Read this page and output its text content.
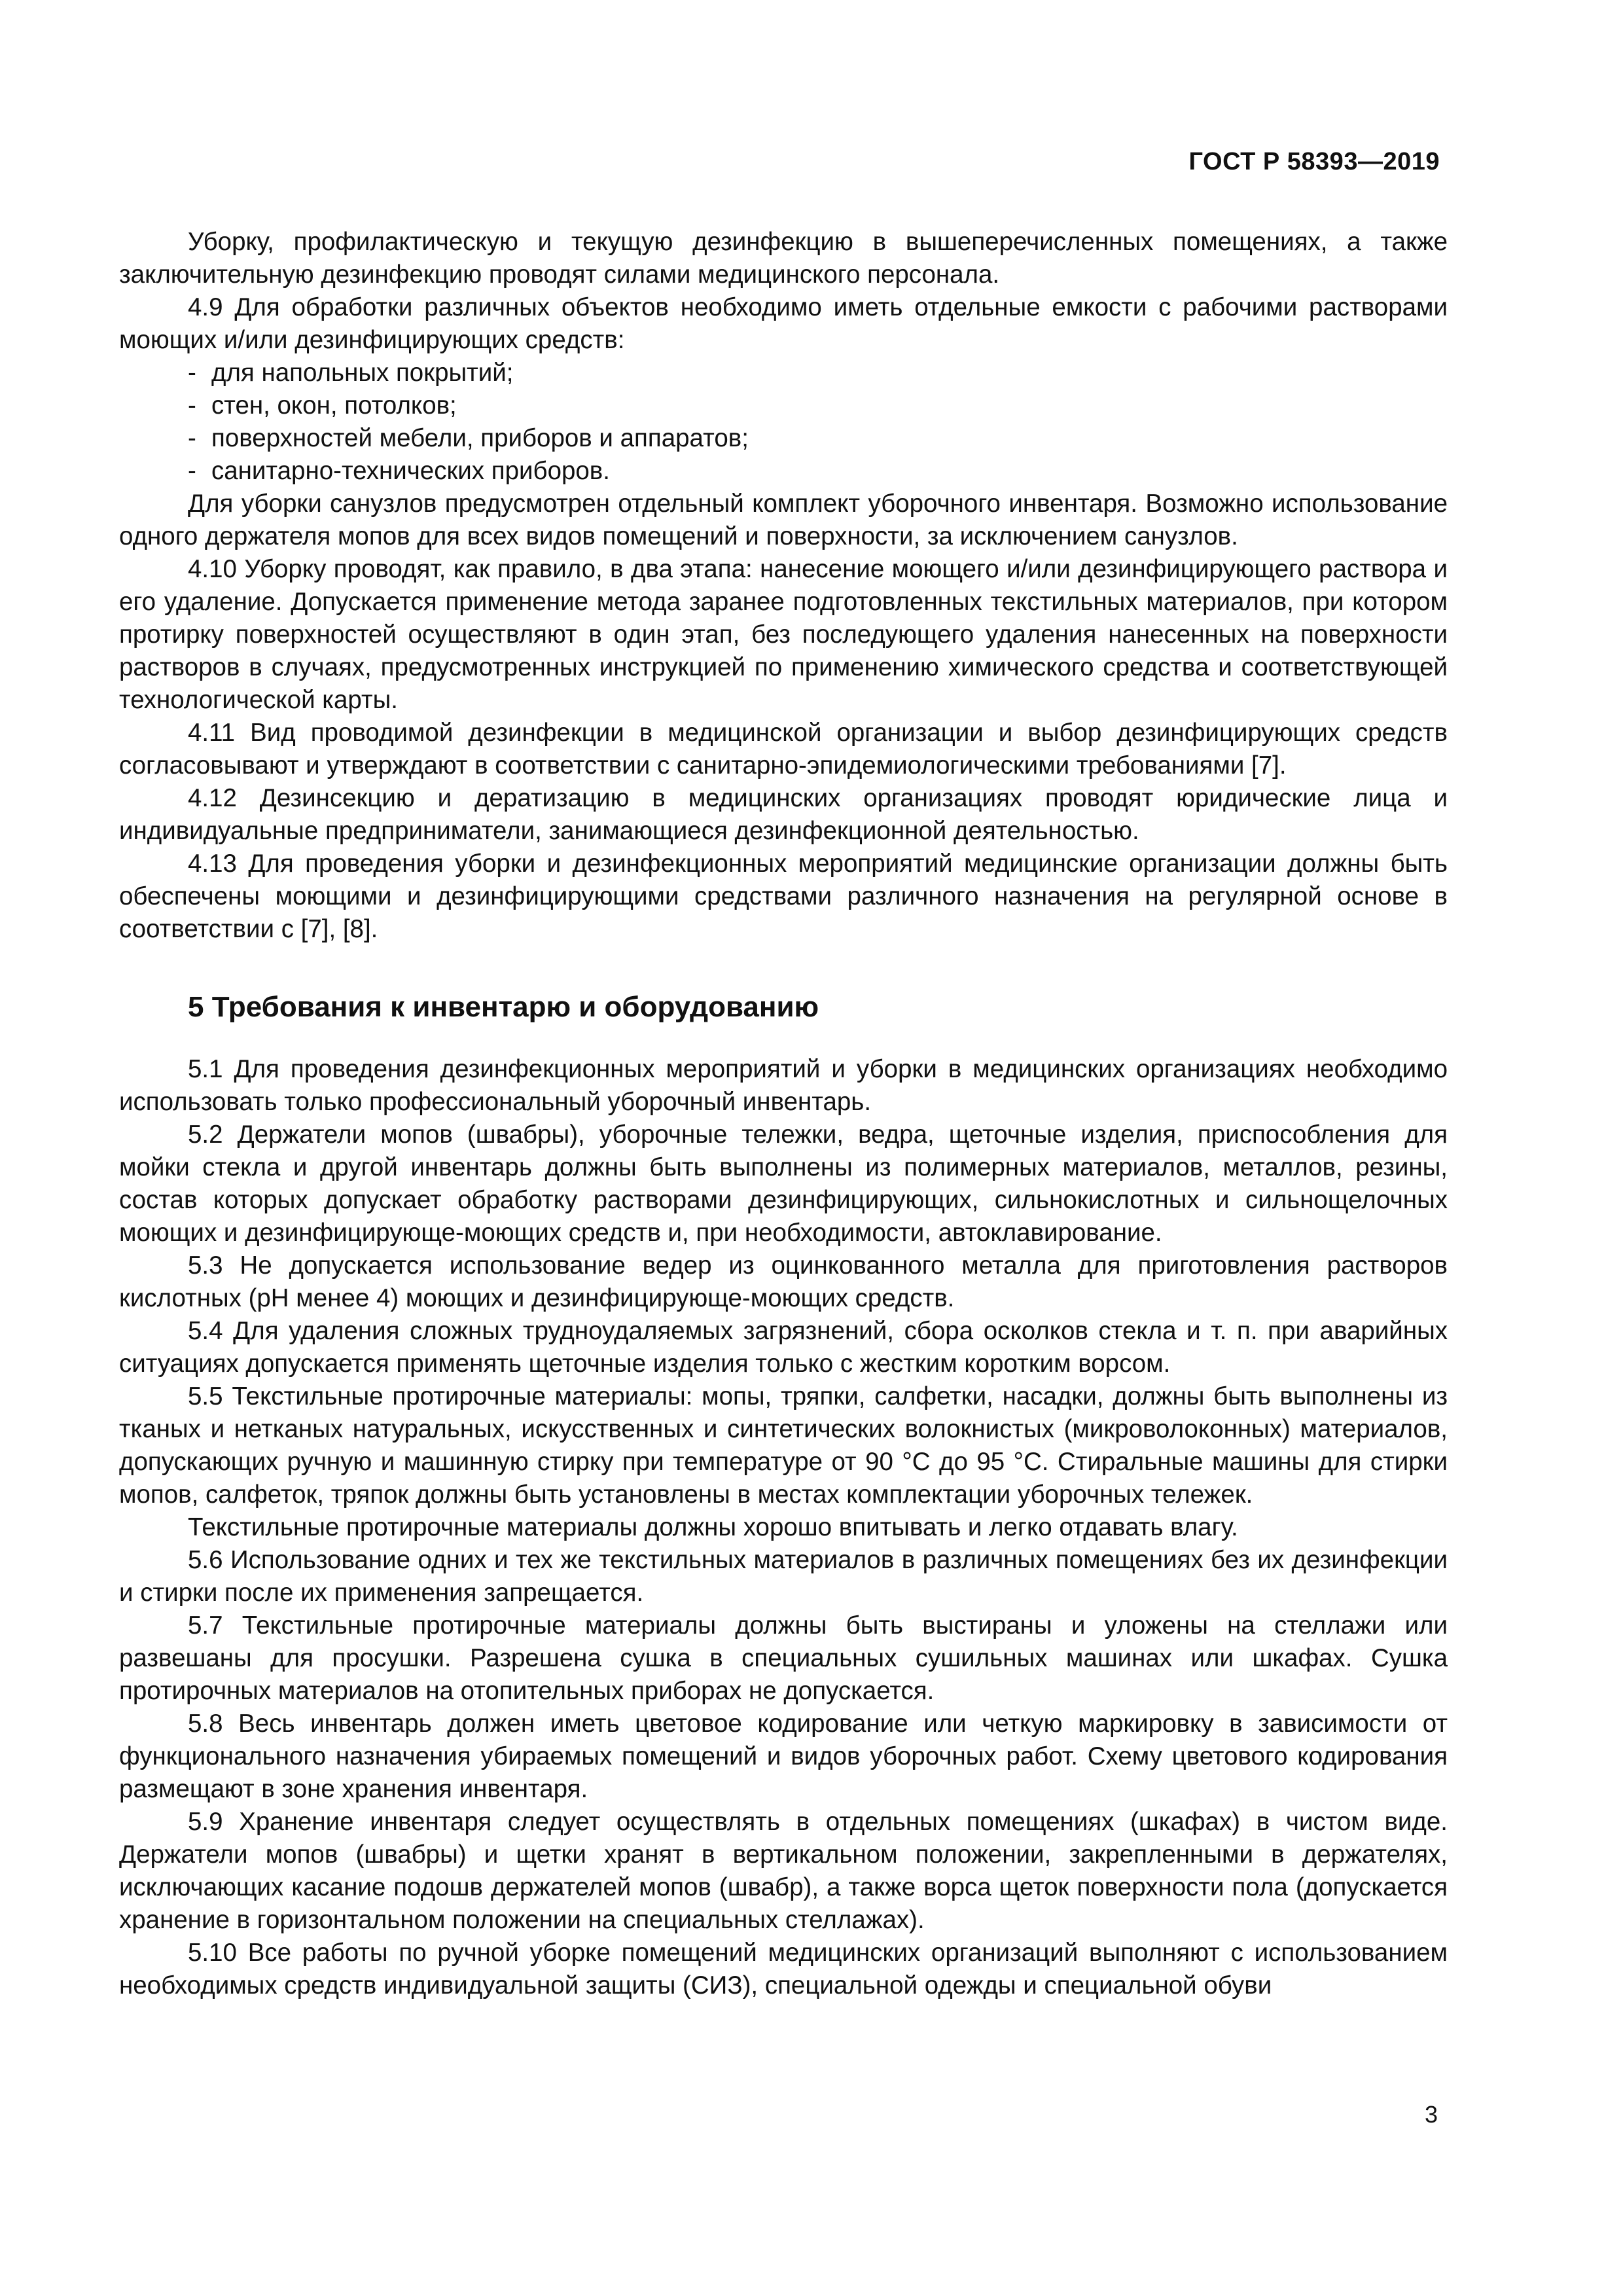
ГОСТ Р 58393—2019

Уборку, профилактическую и текущую дезинфекцию в вышеперечисленных помещениях, а также заключительную дезинфекцию проводят силами медицинского персонала.

4.9 Для обработки различных объектов необходимо иметь отдельные емкости с рабочими растворами моющих и/или дезинфицирующих средств:

- для напольных покрытий;
- стен, окон, потолков;
- поверхностей мебели, приборов и аппаратов;
- санитарно-технических приборов.

Для уборки санузлов предусмотрен отдельный комплект уборочного инвентаря. Возможно использование одного держателя мопов для всех видов помещений и поверхности, за исключением санузлов.

4.10 Уборку проводят, как правило, в два этапа: нанесение моющего и/или дезинфицирующего раствора и его удаление. Допускается применение метода заранее подготовленных текстильных материалов, при котором протирку поверхностей осуществляют в один этап, без последующего удаления нанесенных на поверхности растворов в случаях, предусмотренных инструкцией по применению химического средства и соответствующей технологической карты.

4.11 Вид проводимой дезинфекции в медицинской организации и выбор дезинфицирующих средств согласовывают и утверждают в соответствии с санитарно-эпидемиологическими требованиями [7].

4.12 Дезинсекцию и дератизацию в медицинских организациях проводят юридические лица и индивидуальные предприниматели, занимающиеся дезинфекционной деятельностью.

4.13 Для проведения уборки и дезинфекционных мероприятий медицинские организации должны быть обеспечены моющими и дезинфицирующими средствами различного назначения на регулярной основе в соответствии с [7], [8].

5 Требования к инвентарю и оборудованию

5.1 Для проведения дезинфекционных мероприятий и уборки в медицинских организациях необходимо использовать только профессиональный уборочный инвентарь.

5.2 Держатели мопов (швабры), уборочные тележки, ведра, щеточные изделия, приспособления для мойки стекла и другой инвентарь должны быть выполнены из полимерных материалов, металлов, резины, состав которых допускает обработку растворами дезинфицирующих, сильнокислотных и сильнощелочных моющих и дезинфицирующе-моющих средств и, при необходимости, автоклавирование.

5.3 Не допускается использование ведер из оцинкованного металла для приготовления растворов кислотных (pH менее 4) моющих и дезинфицирующе-моющих средств.

5.4 Для удаления сложных трудноудаляемых загрязнений, сбора осколков стекла и т. п. при аварийных ситуациях допускается применять щеточные изделия только с жестким коротким ворсом.

5.5 Текстильные протирочные материалы: мопы, тряпки, салфетки, насадки, должны быть выполнены из тканых и нетканых натуральных, искусственных и синтетических волокнистых (микроволоконных) материалов, допускающих ручную и машинную стирку при температуре от 90 °С до 95 °С. Стиральные машины для стирки мопов, салфеток, тряпок должны быть установлены в местах комплектации уборочных тележек.

Текстильные протирочные материалы должны хорошо впитывать и легко отдавать влагу.

5.6 Использование одних и тех же текстильных материалов в различных помещениях без их дезинфекции и стирки после их применения запрещается.

5.7 Текстильные протирочные материалы должны быть выстираны и уложены на стеллажи или развешаны для просушки. Разрешена сушка в специальных сушильных машинах или шкафах. Сушка протирочных материалов на отопительных приборах не допускается.

5.8 Весь инвентарь должен иметь цветовое кодирование или четкую маркировку в зависимости от функционального назначения убираемых помещений и видов уборочных работ. Схему цветового кодирования размещают в зоне хранения инвентаря.

5.9 Хранение инвентаря следует осуществлять в отдельных помещениях (шкафах) в чистом виде. Держатели мопов (швабры) и щетки хранят в вертикальном положении, закрепленными в держателях, исключающих касание подошв держателей мопов (швабр), а также ворса щеток поверхности пола (допускается хранение в горизонтальном положении на специальных стеллажах).

5.10 Все работы по ручной уборке помещений медицинских организаций выполняют с использованием необходимых средств индивидуальной защиты (СИЗ), специальной одежды и специальной обуви

3
